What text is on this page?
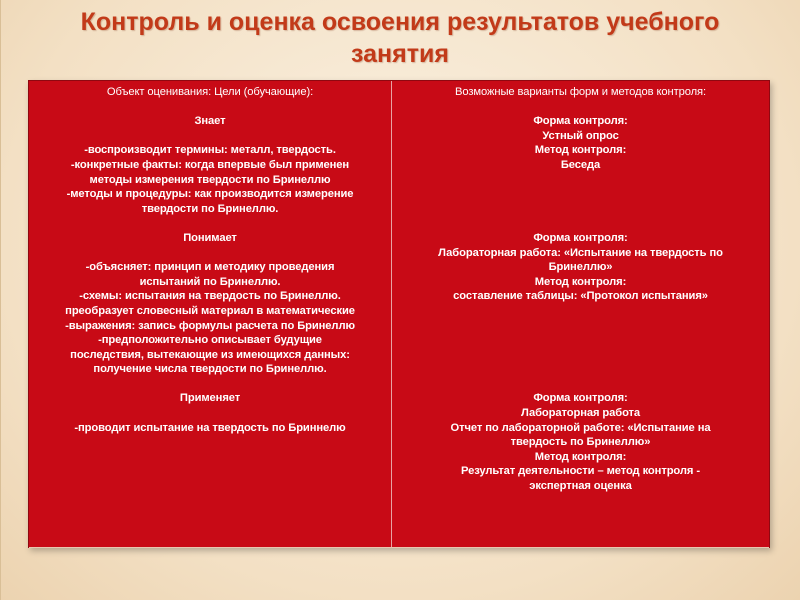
Контроль и оценка освоения результатов учебного
занятия
Объект оценивания: Цели (обучающие):
Знает
-воспроизводит термины: металл, твердость.
-конкретные факты: когда впервые был применен
методы измерения твердости по Бринеллю
-методы и процедуры: как производится измерение
твердости по Бринеллю.
Понимает
-объясняет: принцип и методику проведения
испытаний по Бринеллю.
-схемы: испытания на твердость по Бринеллю.
преобразует словесный материал в математические
-выражения: запись формулы расчета по Бринеллю
-предположительно описывает будущие
последствия, вытекающие из имеющихся данных:
получение числа твердости по Бринеллю.
Применяет
-проводит испытание на твердость по Бриннелю
Возможные варианты форм и методов контроля:
Форма контроля:
Устный опрос
Метод контроля:
Беседа
Форма контроля:
Лабораторная работа: «Испытание на твердость по
Бринеллю»
Метод контроля:
составление таблицы: «Протокол испытания»
Форма контроля:
Лабораторная работа
Отчет по лабораторной работе: «Испытание на
твердость по Бринеллю»
Метод контроля:
Результат деятельности – метод контроля -
экспертная оценка
